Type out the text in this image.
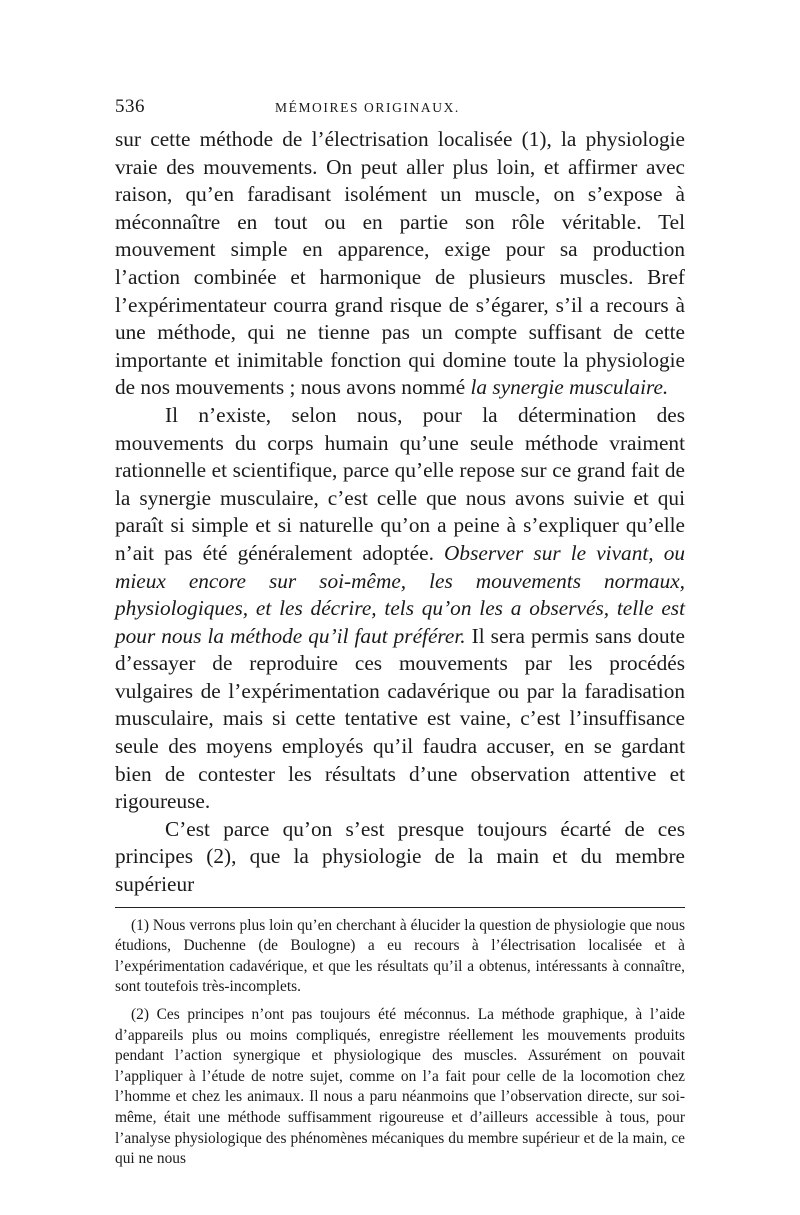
536	MÉMOIRES ORIGINAUX.

sur cette méthode de l’électrisation localisée (1), la physiologie vraie des mouvements. On peut aller plus loin, et affirmer avec raison, qu’en faradisant isolément un muscle, on s’expose à méconnaître en tout ou en partie son rôle véritable. Tel mouvement simple en apparence, exige pour sa production l’action combinée et harmonique de plusieurs muscles. Bref l’expérimentateur courra grand risque de s’égarer, s’il a recours à une méthode, qui ne tienne pas un compte suffisant de cette importante et inimitable fonction qui domine toute la physiologie de nos mouvements ; nous avons nommé la synergie musculaire.

Il n’existe, selon nous, pour la détermination des mouvements du corps humain qu’une seule méthode vraiment rationnelle et scientifique, parce qu’elle repose sur ce grand fait de la synergie musculaire, c’est celle que nous avons suivie et qui paraît si simple et si naturelle qu’on a peine à s’expliquer qu’elle n’ait pas été généralement adoptée. Observer sur le vivant, ou mieux encore sur soi-même, les mouvements normaux, physiologiques, et les décrire, tels qu’on les a observés, telle est pour nous la méthode qu’il faut préférer. Il sera permis sans doute d’essayer de reproduire ces mouvements par les procédés vulgaires de l’expérimentation cadavérique ou par la faradisation musculaire, mais si cette tentative est vaine, c’est l’insuffisance seule des moyens employés qu’il faudra accuser, en se gardant bien de contester les résultats d’une observation attentive et rigoureuse.

C’est parce qu’on s’est presque toujours écarté de ces principes (2), que la physiologie de la main et du membre supérieur

(1) Nous verrons plus loin qu’en cherchant à élucider la question de physiologie que nous étudions, Duchenne (de Boulogne) a eu recours à l’électrisation localisée et à l’expérimentation cadavérique, et que les résultats qu’il a obtenus, intéressants à connaître, sont toutefois très-incomplets.

(2) Ces principes n’ont pas toujours été méconnus. La méthode graphique, à l’aide d’appareils plus ou moins compliqués, enregistre réellement les mouvements produits pendant l’action synergique et physiologique des muscles. Assurément on pouvait l’appliquer à l’étude de notre sujet, comme on l’a fait pour celle de la locomotion chez l’homme et chez les animaux. Il nous a paru néanmoins que l’observation directe, sur soi-même, était une méthode suffisamment rigoureuse et d’ailleurs accessible à tous, pour l’analyse physiologique des phénomènes mécaniques du membre supérieur et de la main, ce qui ne nous
